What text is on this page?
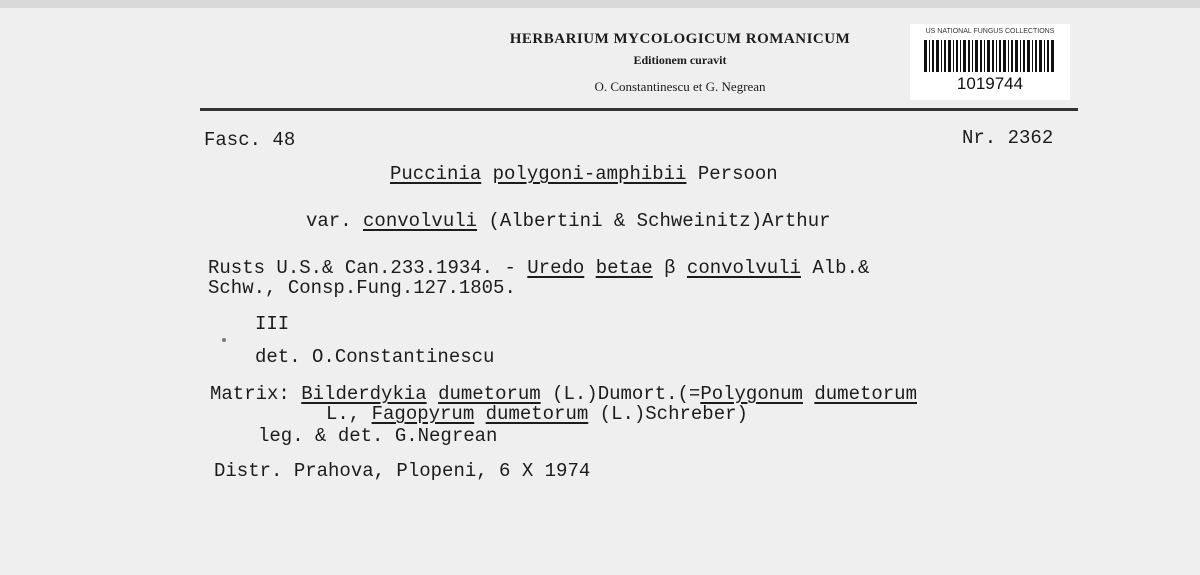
HERBARIUM MYCOLOGICUM ROMANICUM
Editionem curavit
O. Constantinescu et G. Negrean
US NATIONAL FUNGUS COLLECTIONS
1019744
Fasc. 48	Nr. 2362
Puccinia polygoni-amphibii Persoon
var. convolvuli (Albertini & Schweinitz)Arthur
Rusts U.S.& Can.233.1934. - Uredo betae β convolvuli Alb.&
Schw., Consp.Fung.127.1805.
III
det. O.Constantinescu
Matrix: Bilderdykia dumetorum (L.)Dumort.(=Polygonum dumetorum
L., Fagopyrum dumetorum (L.)Schreber)
leg. & det. G.Negrean
Distr. Prahova, Plopeni, 6 X 1974
